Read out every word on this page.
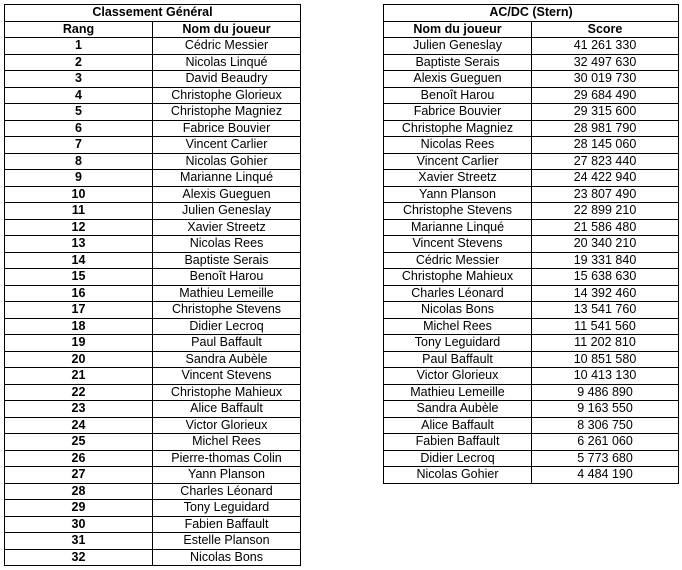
Classement Général	
Rang	Nom du joueur
1	Cédric Messier
2	Nicolas Linqué
3	David Beaudry
4	Christophe Glorieux
5	Christophe Magniez
6	Fabrice Bouvier
7	Vincent Carlier
8	Nicolas Gohier
9	Marianne Linqué
10	Alexis Gueguen
11	Julien Geneslay
12	Xavier Streetz
13	Nicolas Rees
14	Baptiste Serais
15	Benoît Harou
16	Mathieu Lemeille
17	Christophe Stevens
18	Didier Lecroq
19	Paul Baffault
20	Sandra Aubèle
21	Vincent Stevens
22	Christophe Mahieux
23	Alice Baffault
24	Victor Glorieux
25	Michel Rees
26	Pierre-thomas Colin
27	Yann Planson
28	Charles Léonard
29	Tony Leguidard
30	Fabien Baffault
31	Estelle Planson
32	Nicolas Bons
AC/DC (Stern)	
Nom du joueur	Score
Julien Geneslay	41 261 330
Baptiste Serais	32 497 630
Alexis Gueguen	30 019 730
Benoît Harou	29 684 490
Fabrice Bouvier	29 315 600
Christophe Magniez	28 981 790
Nicolas Rees	28 145 060
Vincent Carlier	27 823 440
Xavier Streetz	24 422 940
Yann Planson	23 807 490
Christophe Stevens	22 899 210
Marianne Linqué	21 586 480
Vincent Stevens	20 340 210
Cédric Messier	19 331 840
Christophe Mahieux	15 638 630
Charles Léonard	14 392 460
Nicolas Bons	13 541 760
Michel Rees	11 541 560
Tony Leguidard	11 202 810
Paul Baffault	10 851 580
Victor Glorieux	10 413 130
Mathieu Lemeille	9 486 890
Sandra Aubèle	9 163 550
Alice Baffault	8 306 750
Fabien Baffault	6 261 060
Didier Lecroq	5 773 680
Nicolas Gohier	4 484 190
